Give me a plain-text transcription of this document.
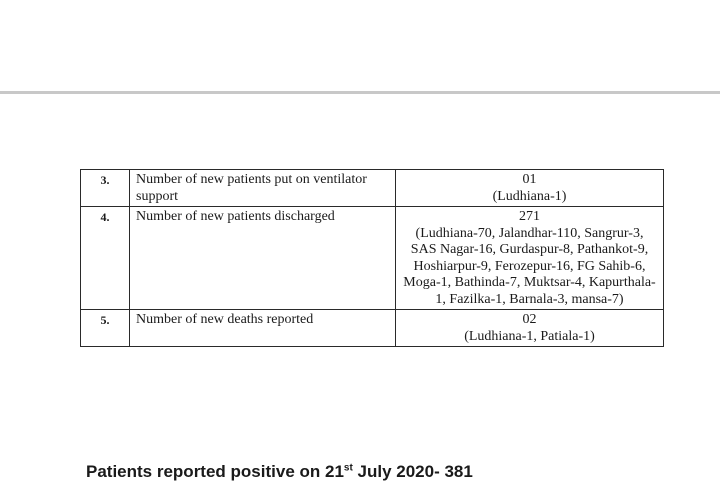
3.	Number of new patients put on ventilator support	01
(Ludhiana-1)

4.	Number of new patients discharged	271
(Ludhiana-70, Jalandhar-110, Sangrur-3, SAS Nagar-16, Gurdaspur-8, Pathankot-9, Hoshiarpur-9, Ferozepur-16, FG Sahib-6, Moga-1, Bathinda-7, Muktsar-4, Kapurthala-1, Fazilka-1, Barnala-3, mansa-7)

5.	Number of new deaths reported	02
(Ludhiana-1, Patiala-1)
Patients reported positive on 21st July 2020- 381
